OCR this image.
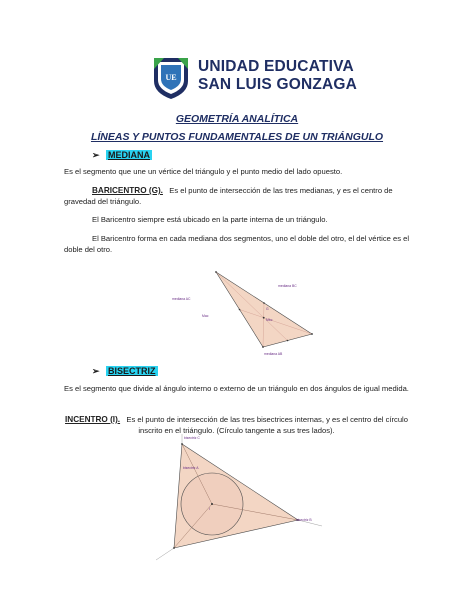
UE
UNIDAD EDUCATIVA
SAN LUIS GONZAGA
GEOMETRÍA ANALÍTICA
LÍNEAS Y PUNTOS FUNDAMENTALES DE UN TRIÁNGULO
➢ MEDIANA
Es el segmento que une un vértice del triángulo y el punto medio del lado opuesto.
BARICENTRO (G). Es el punto de intersección de las tres medianas, y es el centro de gravedad del triángulo.
El Baricentro siempre está ubicado en la parte interna de un triángulo.
El Baricentro forma en cada mediana dos segmentos, uno el doble del otro, el del vértice es el doble del otro.
mediana BC
mediana AC
Mac
G
Mbc
mediana AB
➢ BISECTRIZ
Es el segmento que divide al ángulo interno o externo de un triángulo en dos ángulos de igual medida.
INCENTRO (I). Es el punto de intersección de las tres bisectrices internas, y es el centro del círculo inscrito en el triángulo. (Círculo tangente a sus tres lados).
bisectriz C
bisectriz A
I
bisectriz B
